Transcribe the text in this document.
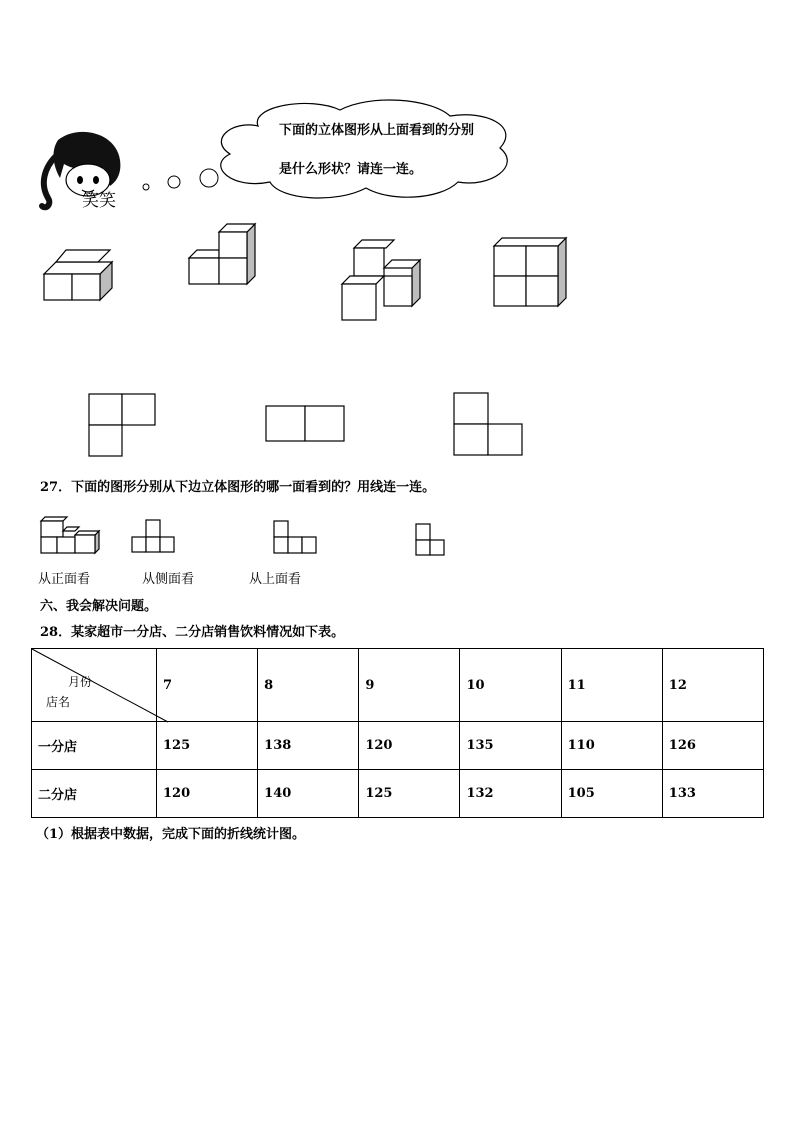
笑笑
下面的立体图形从上面看到的分别
是什么形状？请连一连。
27．下面的图形分别从下边立体图形的哪一面看到的？用线连一连。
从正面看	从侧面看	从上面看
六、我会解决问题。
28．某家超市一分店、二分店销售饮料情况如下表。
月份
店名	7	8	9	10	11	12
一分店	125	138	120	135	110	126
二分店	120	140	125	132	105	133
（1）根据表中数据，完成下面的折线统计图。
